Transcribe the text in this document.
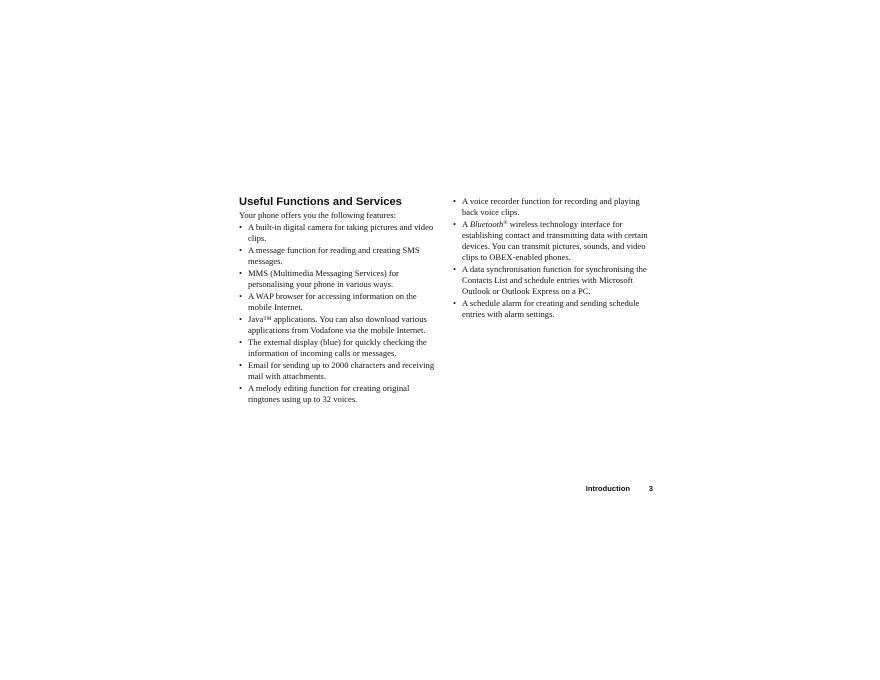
Useful Functions and Services
Your phone offers you the following features:
• A built-in digital camera for taking pictures and video clips.
• A message function for reading and creating SMS messages.
• MMS (Multimedia Messaging Services) for personalising your phone in various ways.
• A WAP browser for accessing information on the mobile Internet.
• Java™ applications. You can also download various applications from Vodafone via the mobile Internet.
• The external display (blue) for quickly checking the information of incoming calls or messages.
• Email for sending up to 2000 characters and receiving mail with attachments.
• A melody editing function for creating original ringtones using up to 32 voices.
• A voice recorder function for recording and playing back voice clips.
• A Bluetooth® wireless technology interface for establishing contact and transmitting data with certain devices. You can transmit pictures, sounds, and video clips to OBEX-enabled phones.
• A data synchronisation function for synchronising the Contacts List and schedule entries with Microsoft Outlook or Outlook Express on a PC.
• A schedule alarm for creating and sending schedule entries with alarm settings.
Introduction 3
